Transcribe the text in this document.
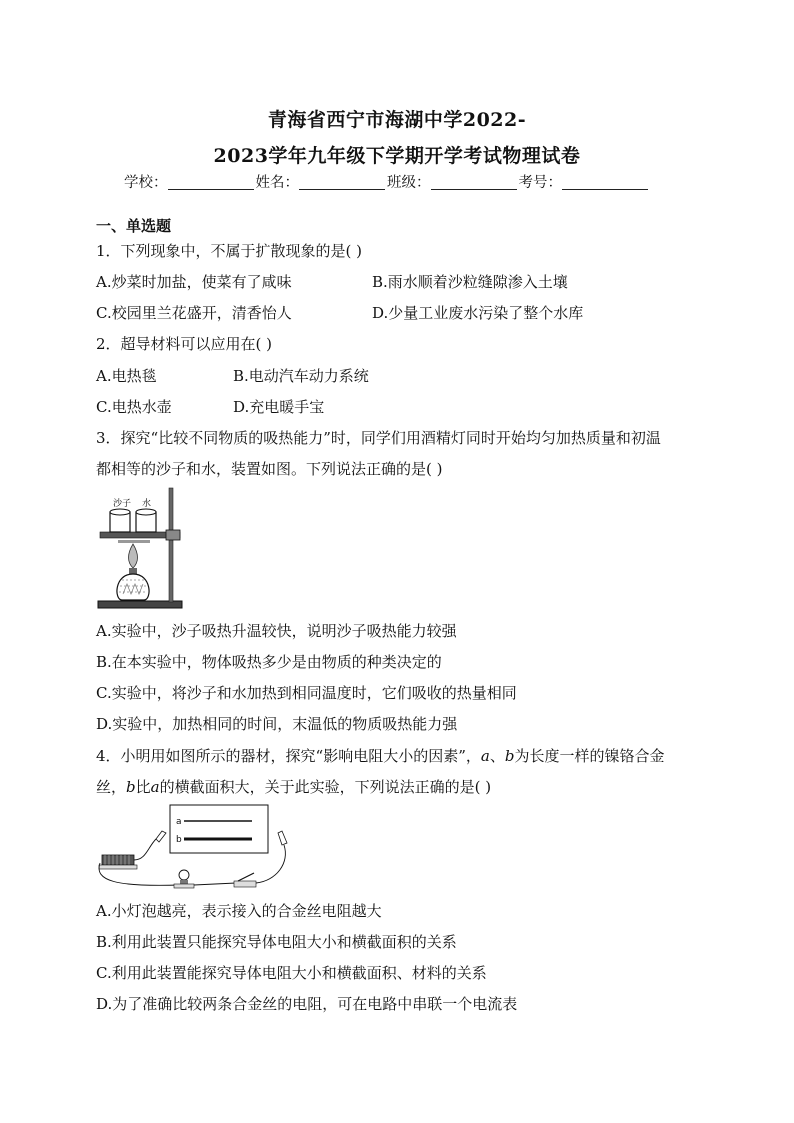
青海省西宁市海湖中学2022-
2023学年九年级下学期开学考试物理试卷
学校：	姓名：	班级：	考号：
一、单选题
1．下列现象中，不属于扩散现象的是( )
A.炒菜时加盐，使菜有了咸味	B.雨水顺着沙粒缝隙渗入土壤
C.校园里兰花盛开，清香怡人	D.少量工业废水污染了整个水库
2．超导材料可以应用在( )
A.电热毯	B.电动汽车动力系统
C.电热水壶	D.充电暖手宝
3．探究“比较不同物质的吸热能力”时，同学们用酒精灯同时开始均匀加热质量和初温
都相等的沙子和水，装置如图。下列说法正确的是( )
沙子 水
A.实验中，沙子吸热升温较快，说明沙子吸热能力较强
B.在本实验中，物体吸热多少是由物质的种类决定的
C.实验中，将沙子和水加热到相同温度时，它们吸收的热量相同
D.实验中，加热相同的时间，末温低的物质吸热能力强
4．小明用如图所示的器材，探究“影响电阻大小的因素”，a、b为长度一样的镍铬合金
丝，b比a的横截面积大，关于此实验，下列说法正确的是( )
a
b
A.小灯泡越亮，表示接入的合金丝电阻越大
B.利用此装置只能探究导体电阻大小和横截面积的关系
C.利用此装置能探究导体电阻大小和横截面积、材料的关系
D.为了准确比较两条合金丝的电阻，可在电路中串联一个电流表
